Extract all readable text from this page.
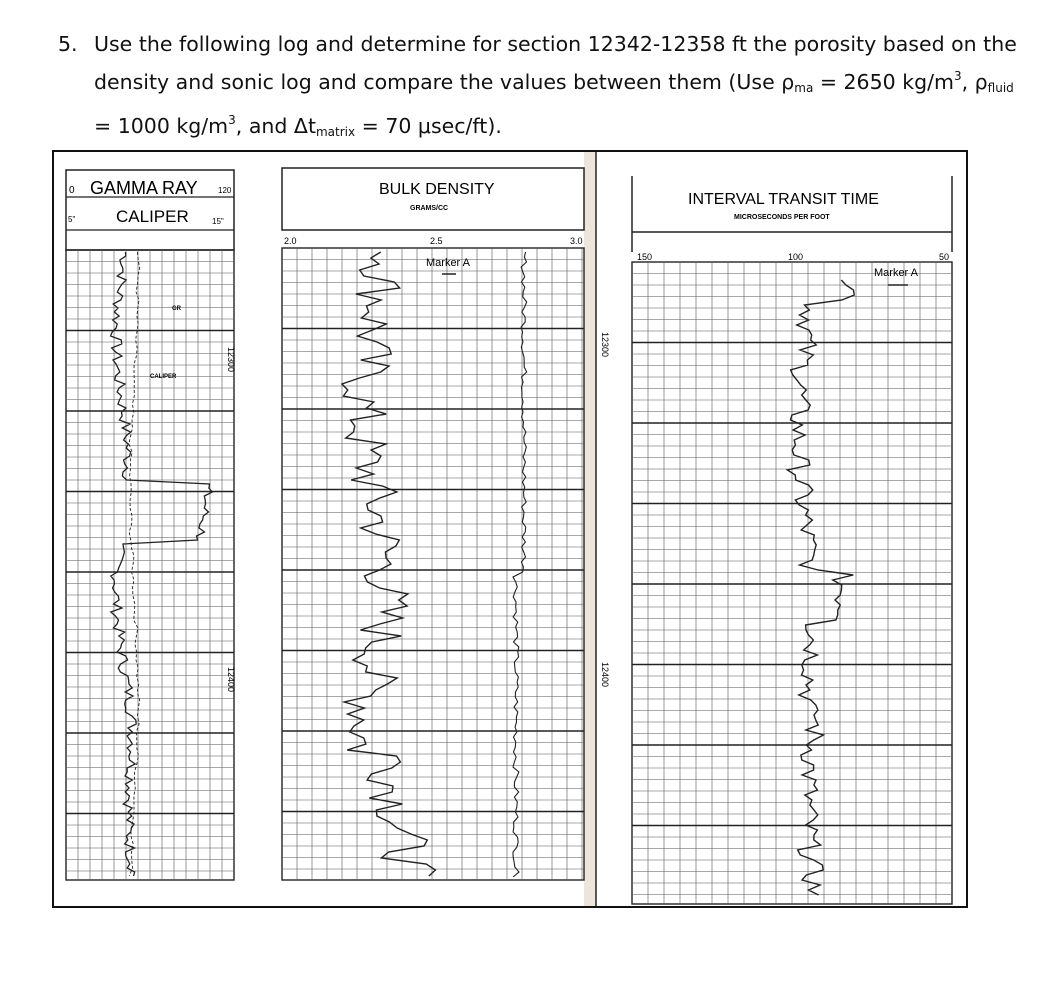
5. Use the following log and determine for section 12342-12358 ft the porosity based on the density and sonic log and compare the values between them (Use $\rho_{ma} = 2650$ $kg/m^3$, $\rho_{fluid} = 1000$ $kg/m^3$, and $\Delta t_{matrix} = 70$ μsec/ft).
0 GAMMA RAY	120
5" CALIPER	15"
BULK DENSITY
GRAMS/CC
2.0	2.5	3.0
INTERVAL TRANSIT TIME
MICROSECONDS PER FOOT
150	100	50
12300
12400
12300
12400
GR
CALIPER
Marker A
Marker A
